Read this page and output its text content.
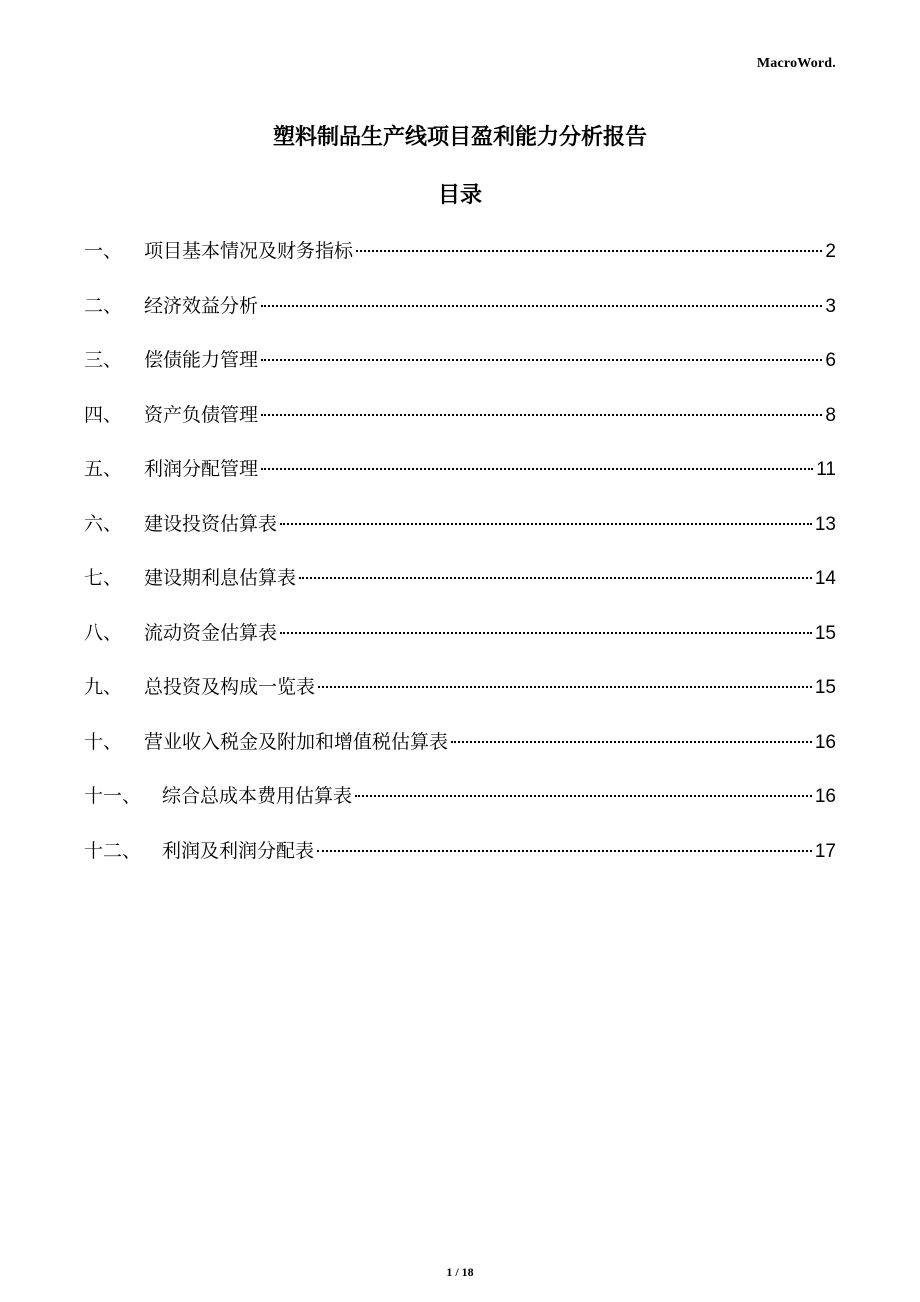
MacroWord.
塑料制品生产线项目盈利能力分析报告
目录
一、	项目基本情况及财务指标	2
二、	经济效益分析	3
三、	偿债能力管理	6
四、	资产负债管理	8
五、	利润分配管理	11
六、	建设投资估算表	13
七、	建设期利息估算表	14
八、	流动资金估算表	15
九、	总投资及构成一览表	15
十、	营业收入税金及附加和增值税估算表	16
十一、	综合总成本费用估算表	16
十二、	利润及利润分配表	17
1 / 18
